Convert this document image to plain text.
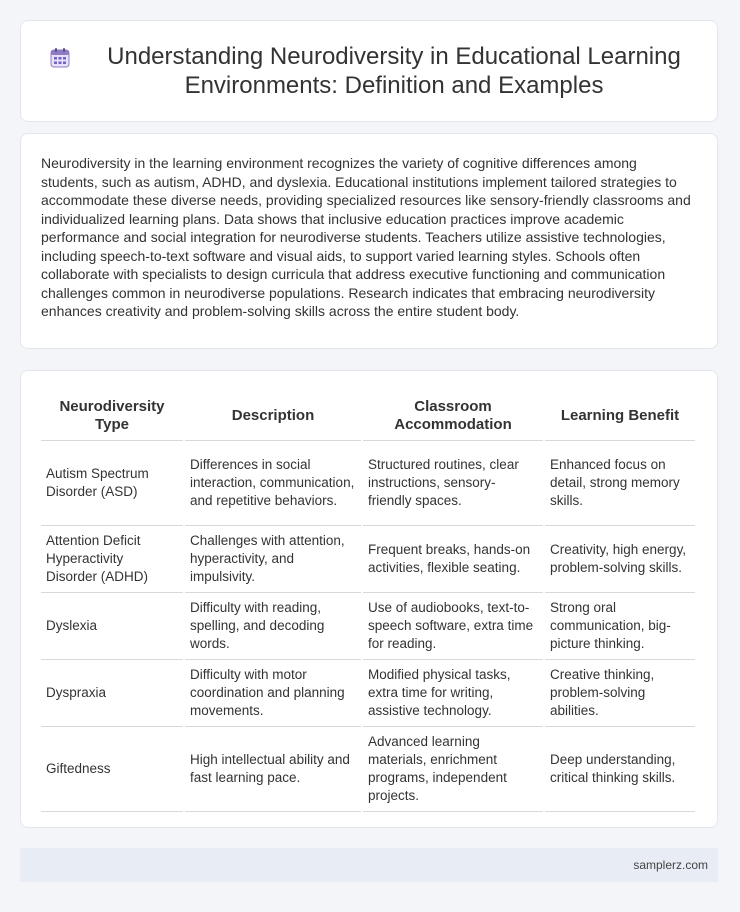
Understanding Neurodiversity in Educational Learning Environments: Definition and Examples

Neurodiversity in the learning environment recognizes the variety of cognitive differences among students, such as autism, ADHD, and dyslexia. Educational institutions implement tailored strategies to accommodate these diverse needs, providing specialized resources like sensory-friendly classrooms and individualized learning plans. Data shows that inclusive education practices improve academic performance and social integration for neurodiverse students. Teachers utilize assistive technologies, including speech-to-text software and visual aids, to support varied learning styles. Schools often collaborate with specialists to design curricula that address executive functioning and communication challenges common in neurodiverse populations. Research indicates that embracing neurodiversity enhances creativity and problem-solving skills across the entire student body.

Neurodiversity Type	Description	Classroom Accommodation	Learning Benefit
Autism Spectrum Disorder (ASD)	Differences in social interaction, communication, and repetitive behaviors.	Structured routines, clear instructions, sensory-friendly spaces.	Enhanced focus on detail, strong memory skills.
Attention Deficit Hyperactivity Disorder (ADHD)	Challenges with attention, hyperactivity, and impulsivity.	Frequent breaks, hands-on activities, flexible seating.	Creativity, high energy, problem-solving skills.
Dyslexia	Difficulty with reading, spelling, and decoding words.	Use of audiobooks, text-to-speech software, extra time for reading.	Strong oral communication, big-picture thinking.
Dyspraxia	Difficulty with motor coordination and planning movements.	Modified physical tasks, extra time for writing, assistive technology.	Creative thinking, problem-solving abilities.
Giftedness	High intellectual ability and fast learning pace.	Advanced learning materials, enrichment programs, independent projects.	Deep understanding, critical thinking skills.
samplerz.com
